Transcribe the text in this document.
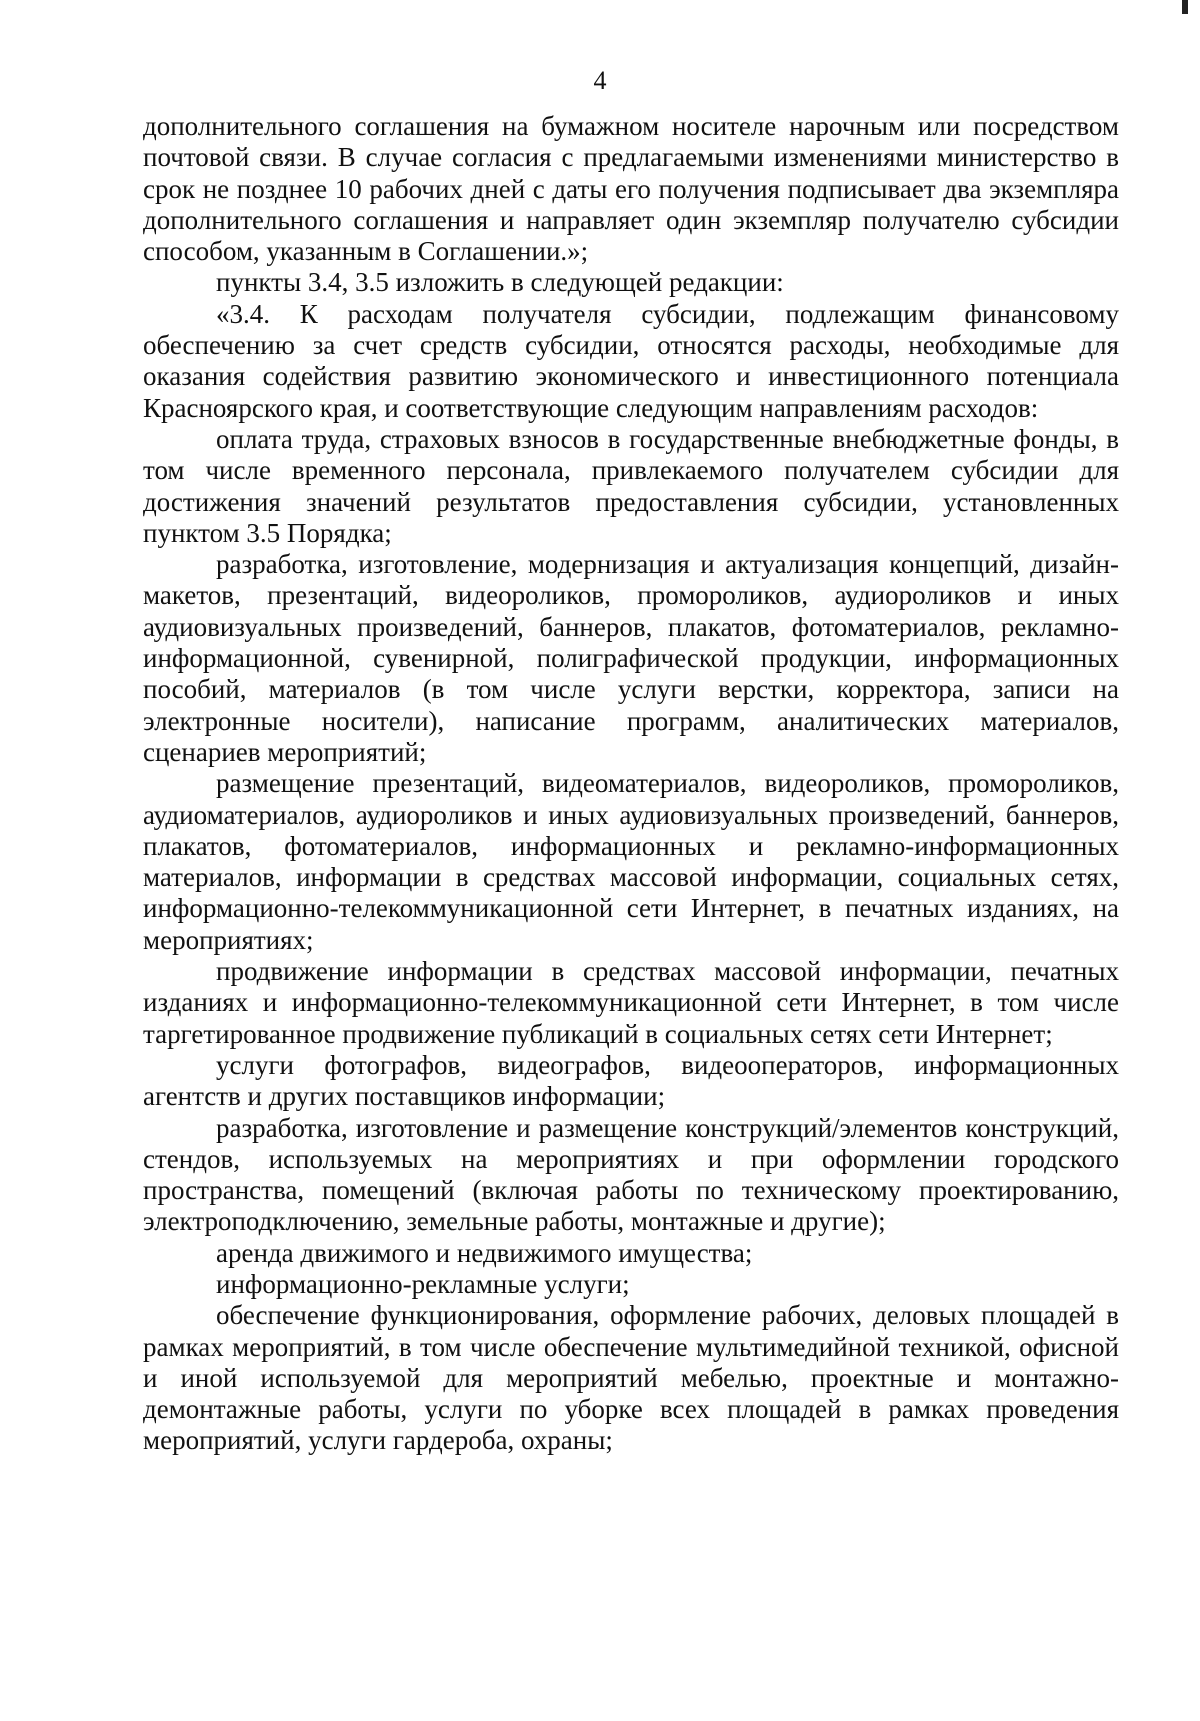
4

дополнительного соглашения на бумажном носителе нарочным или посредством почтовой связи. В случае согласия с предлагаемыми изменениями министерство в срок не позднее 10 рабочих дней с даты его получения подписывает два экземпляра дополнительного соглашения и направляет один экземпляр получателю субсидии способом, указанным в Соглашении.»;

пункты 3.4, 3.5 изложить в следующей редакции:

«3.4. К расходам получателя субсидии, подлежащим финансовому обеспечению за счет средств субсидии, относятся расходы, необходимые для оказания содействия развитию экономического и инвестиционного потенциала Красноярского края, и соответствующие следующим направлениям расходов:

оплата труда, страховых взносов в государственные внебюджетные фонды, в том числе временного персонала, привлекаемого получателем субсидии для достижения значений результатов предоставления субсидии, установленных пунктом 3.5 Порядка;

разработка, изготовление, модернизация и актуализация концепций, дизайн-макетов, презентаций, видеороликов, промороликов, аудиороликов и иных аудиовизуальных произведений, баннеров, плакатов, фотоматериалов, рекламно-информационной, сувенирной, полиграфической продукции, информационных пособий, материалов (в том числе услуги верстки, корректора, записи на электронные носители), написание программ, аналитических материалов, сценариев мероприятий;

размещение презентаций, видеоматериалов, видеороликов, промороликов, аудиоматериалов, аудиороликов и иных аудиовизуальных произведений, баннеров, плакатов, фотоматериалов, информационных и рекламно-информационных материалов, информации в средствах массовой информации, социальных сетях, информационно-телекоммуникационной сети Интернет, в печатных изданиях, на мероприятиях;

продвижение информации в средствах массовой информации, печатных изданиях и информационно-телекоммуникационной сети Интернет, в том числе таргетированное продвижение публикаций в социальных сетях сети Интернет;

услуги фотографов, видеографов, видеооператоров, информационных агентств и других поставщиков информации;

разработка, изготовление и размещение конструкций/элементов конструкций, стендов, используемых на мероприятиях и при оформлении городского пространства, помещений (включая работы по техническому проектированию, электроподключению, земельные работы, монтажные и другие);

аренда движимого и недвижимого имущества;

информационно-рекламные услуги;

обеспечение функционирования, оформление рабочих, деловых площадей в рамках мероприятий, в том числе обеспечение мультимедийной техникой, офисной и иной используемой для мероприятий мебелью, проектные и монтажно-демонтажные работы, услуги по уборке всех площадей в рамках проведения мероприятий, услуги гардероба, охраны;
